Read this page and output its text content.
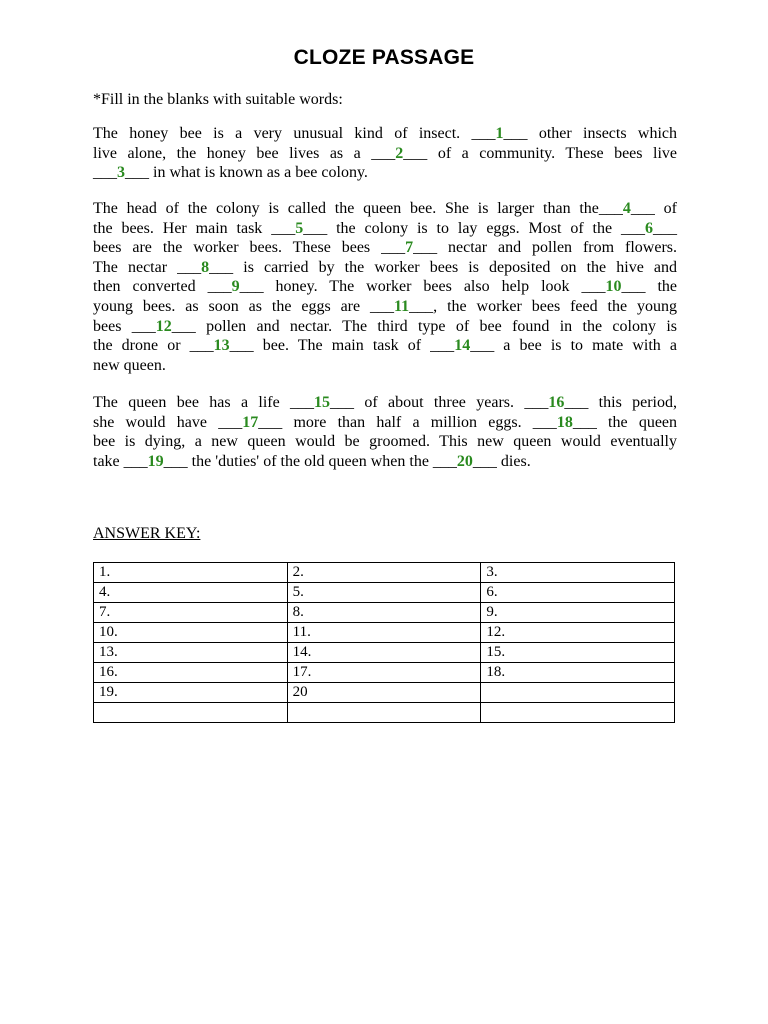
CLOZE PASSAGE
*Fill in the blanks with suitable words:
The honey bee is a very unusual kind of insect. ___1___ other insects which
live alone, the honey bee lives as a ___2___ of a community. These bees live
___3___ in what is known as a bee colony.
The head of the colony is called the queen bee. She is larger than the___4___ of
the bees. Her main task ___5___ the colony is to lay eggs. Most of the ___6___
bees are the worker bees. These bees ___7___ nectar and pollen from flowers.
The nectar ___8___ is carried by the worker bees is deposited on the hive and
then converted ___9___ honey. The worker bees also help look ___10___ the
young bees. as soon as the eggs are ___11___, the worker bees feed the young
bees ___12___ pollen and nectar. The third type of bee found in the colony is
the drone or ___13___ bee. The main task of ___14___ a bee is to mate with a
new queen.
The queen bee has a life ___15___ of about three years. ___16___ this period,
she would have ___17___ more than half a million eggs. ___18___ the queen
bee is dying, a new queen would be groomed. This new queen would eventually
take ___19___ the 'duties' of the old queen when the ___20___ dies.
ANSWER KEY:
1.	2.	3.
4.	5.	6.
7.	8.	9.
10.	11.	12.
13.	14.	15.
16.	17.	18.
19.	20	
